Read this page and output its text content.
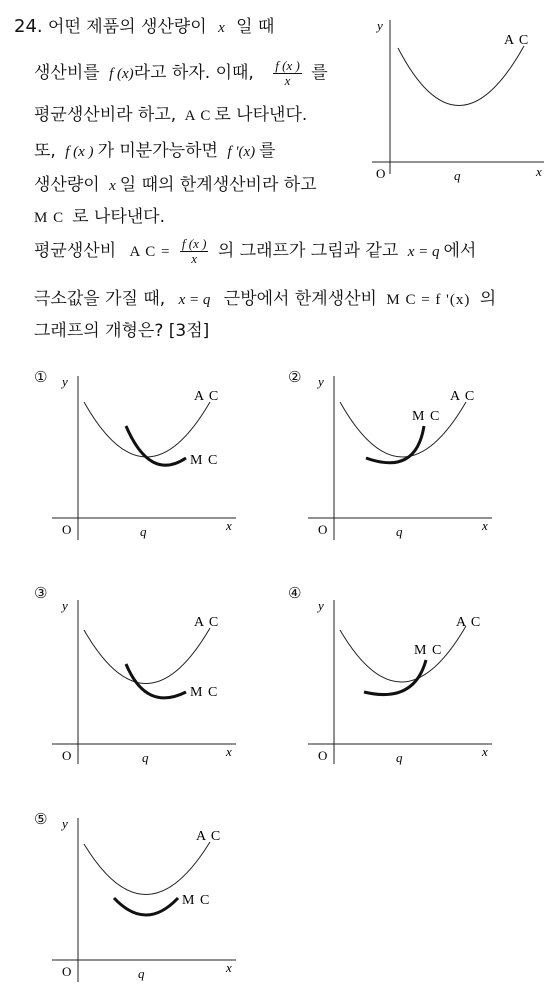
24. 어떤 제품의 생산량이 x 일 때
생산비를 f (x)라고 하자. 이때, $\frac{f (x )}{x}$ 를
평균생산비라 하고, A C 로 나타낸다.
또, f (x ) 가 미분가능하면 f '(x) 를
생산량이 x 일 때의 한계생산비라 하고
M C 로 나타낸다.
평균생산비 A $C = \frac{f (x )}{x}$ 의 그래프가 그림과 같고 x = q 에서
극소값을 가질 때, x = q 근방에서 한계생산비 M C = f '(x) 의
그래프의 개형은? [3점]
y
x
O	q
A C
① y
x
O	q
A C
M C
② y
x
O	q
A C
M C
③
y
x
O	q
A C
M C
④
y
x
O	q
A C
M C
⑤ y
x
O	q
A C
M C
